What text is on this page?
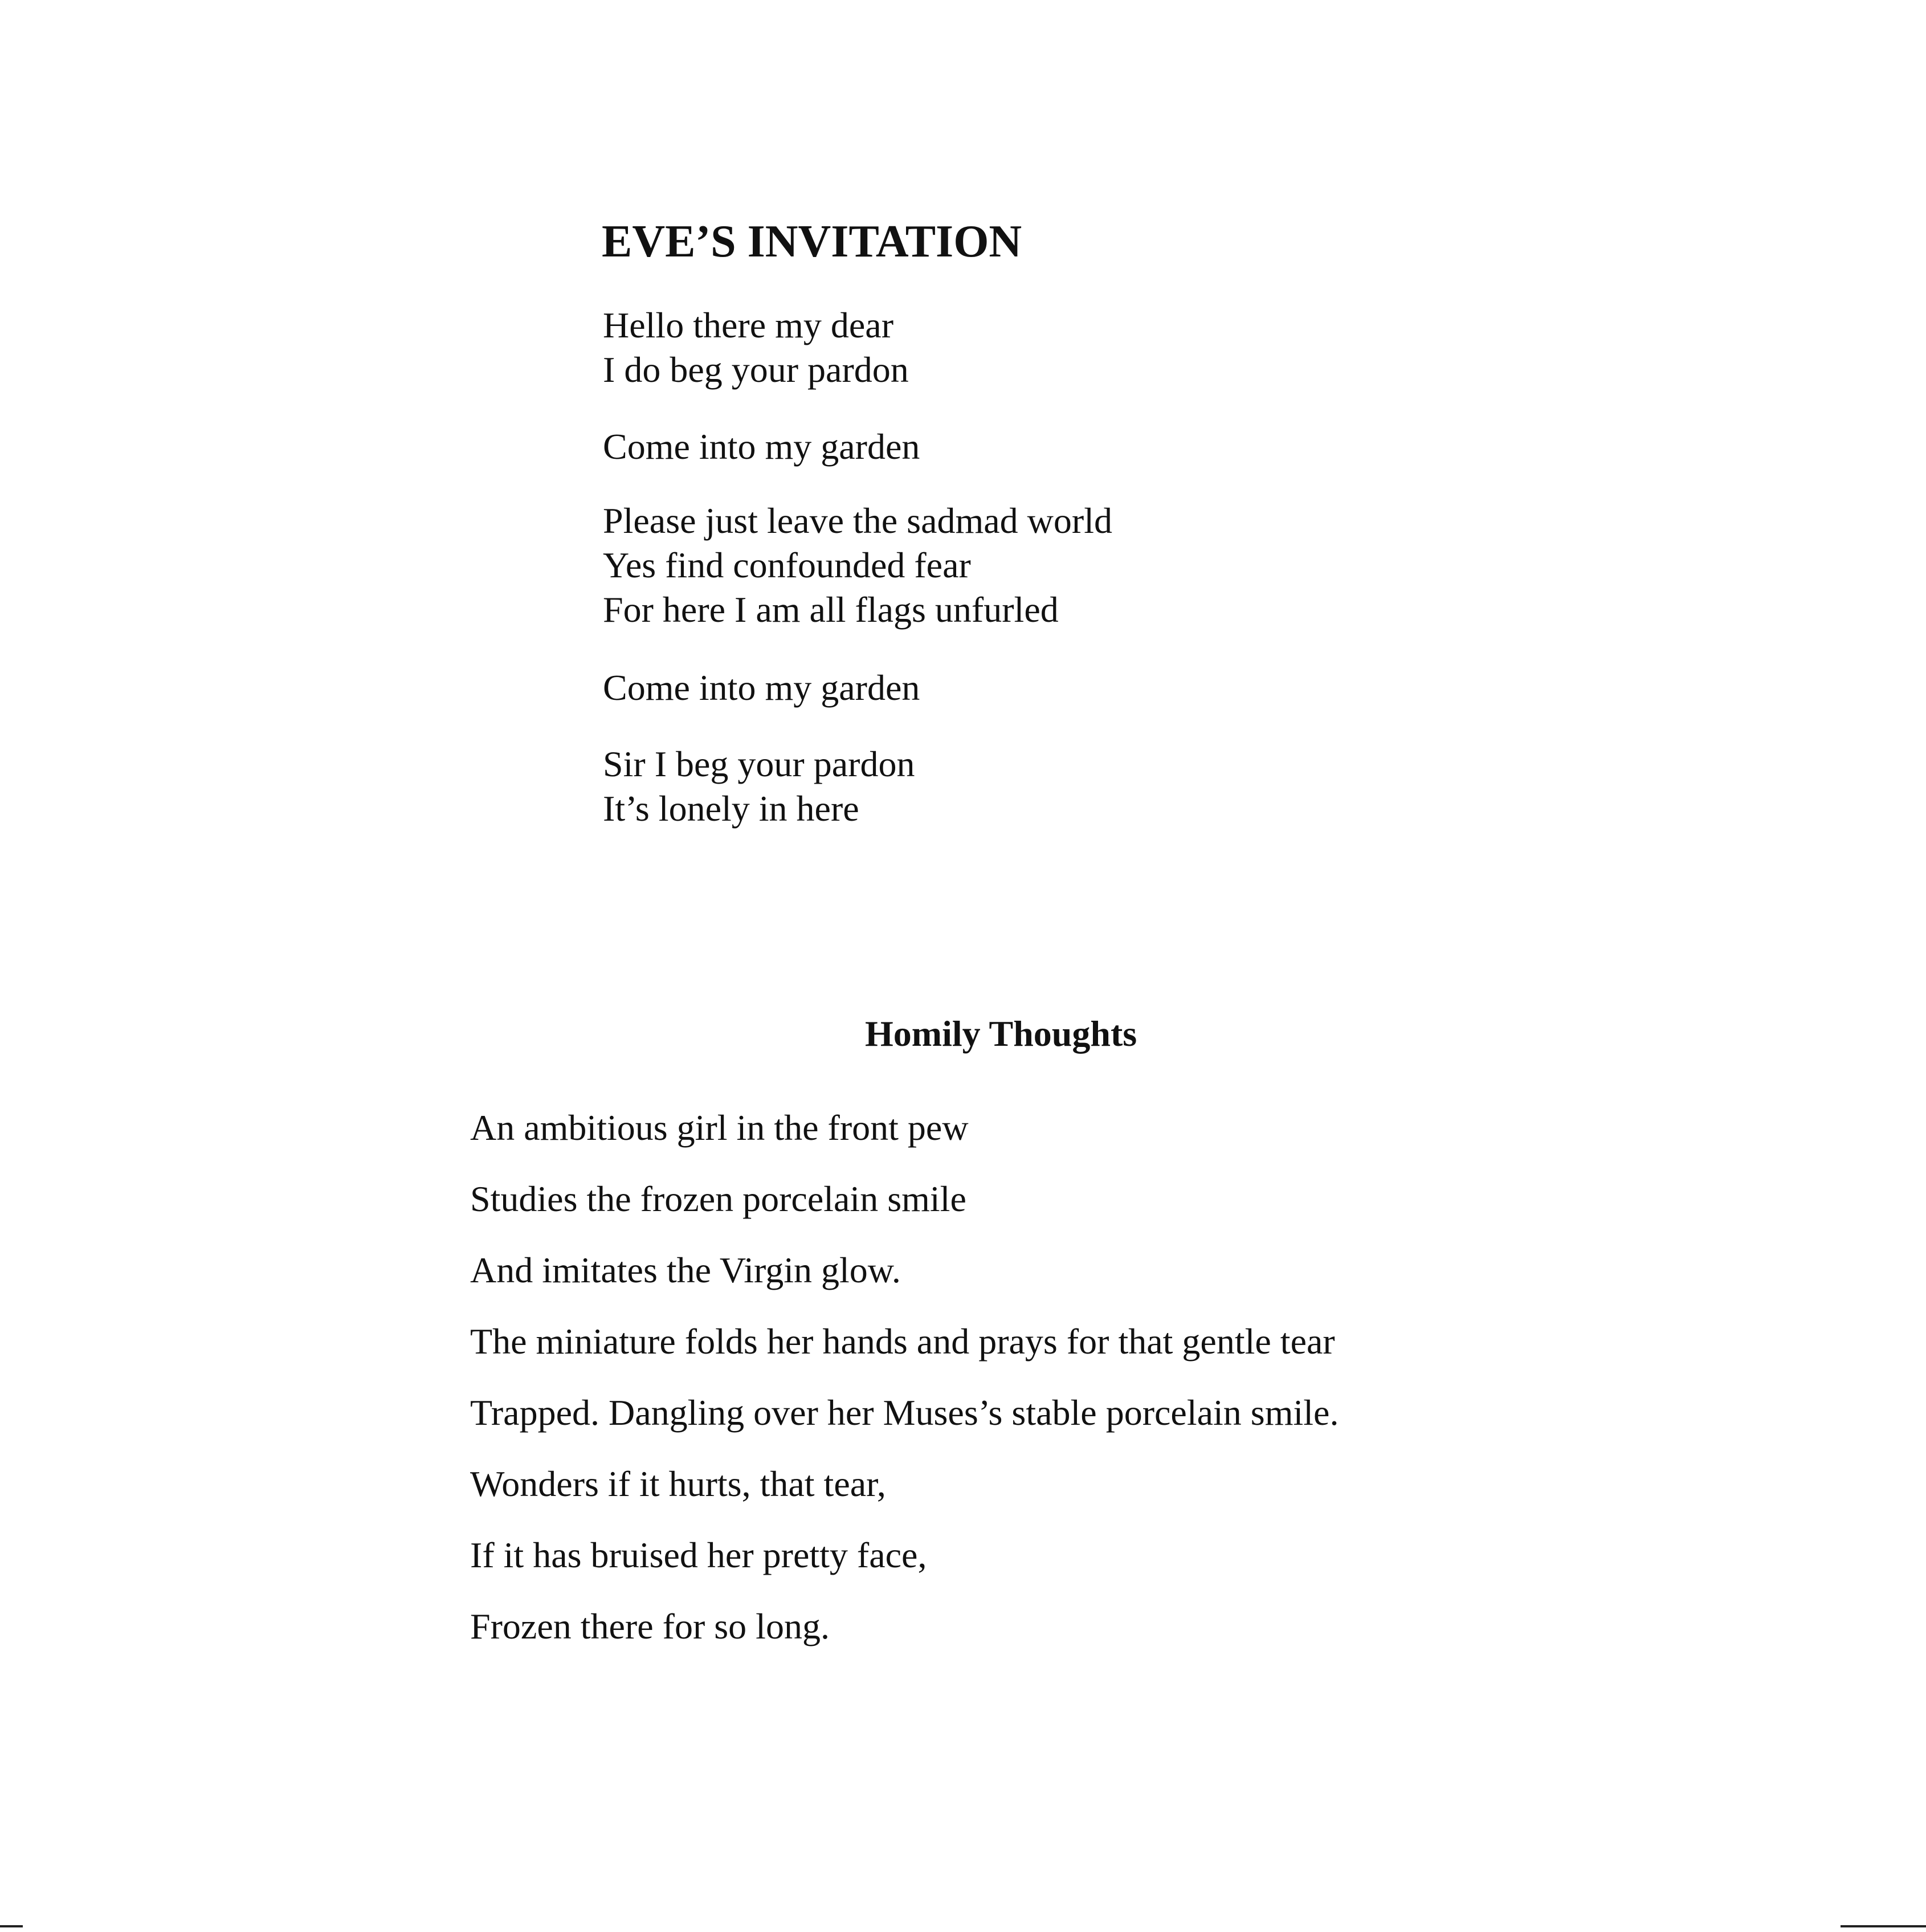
EVE’S INVITATION
Hello there my dear
I do beg your pardon
Come into my garden
Please just leave the sadmad world
Yes find confounded fear
For here I am all flags unfurled
Come into my garden
Sir I beg your pardon
It’s lonely in here
Homily Thoughts
An ambitious girl in the front pew
Studies the frozen porcelain smile
And imitates the Virgin glow.
The miniature folds her hands and prays for that gentle tear
Trapped. Dangling over her Muses’s stable porcelain smile.
Wonders if it hurts, that tear,
If it has bruised her pretty face,
Frozen there for so long.
